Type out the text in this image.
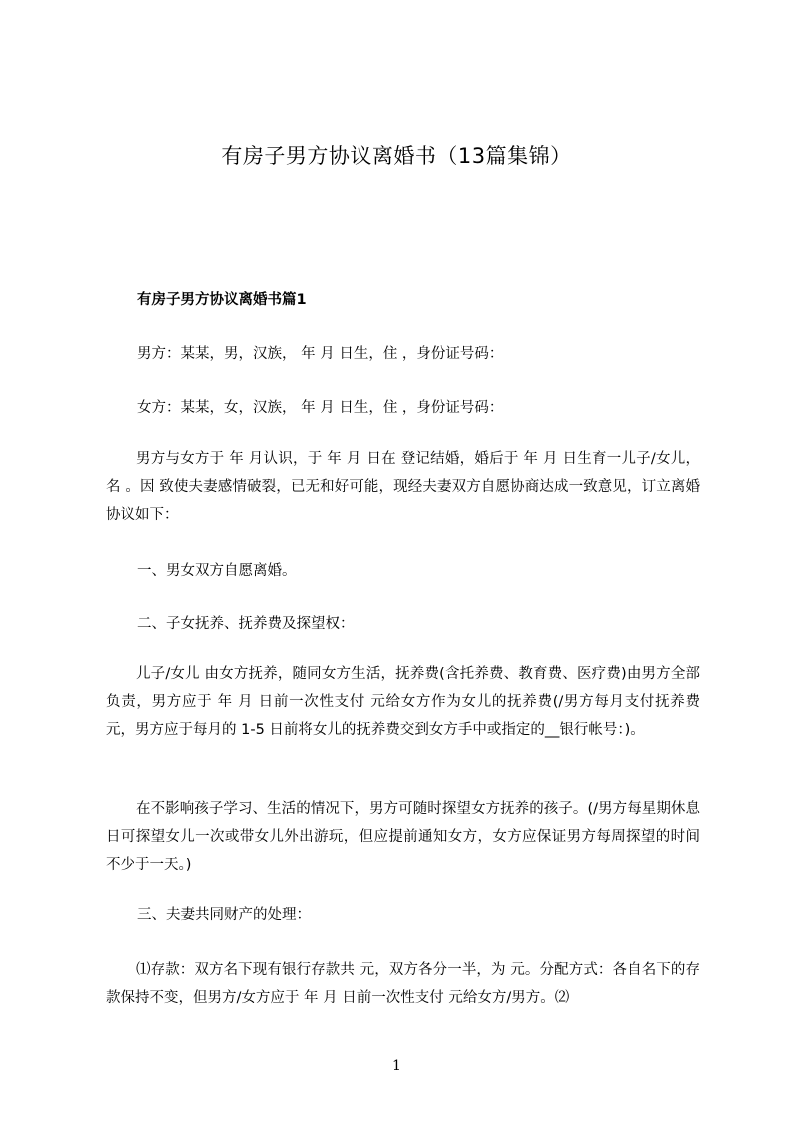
有房子男方协议离婚书（13篇集锦）
有房子男方协议离婚书篇1
男方：某某，男，汉族， 年 月 日生，住 ，身份证号码：
女方：某某，女，汉族， 年 月 日生，住 ，身份证号码：
男方与女方于 年 月认识，于 年 月 日在 登记结婚，婚后于 年 月 日生育一儿子/女儿，名 。因 致使夫妻感情破裂，已无和好可能，现经夫妻双方自愿协商达成一致意见，订立离婚协议如下：
一、男女双方自愿离婚。
二、子女抚养、抚养费及探望权：
儿子/女儿 由女方抚养，随同女方生活，抚养费(含托养费、教育费、医疗费)由男方全部负责，男方应于 年 月 日前一次性支付 元给女方作为女儿的抚养费(/男方每月支付抚养费 元，男方应于每月的 1-5 日前将女儿的抚养费交到女方手中或指定的__银行帐号：)。
在不影响孩子学习、生活的情况下，男方可随时探望女方抚养的孩子。(/男方每星期休息日可探望女儿一次或带女儿外出游玩，但应提前通知女方，女方应保证男方每周探望的时间不少于一天。)
三、夫妻共同财产的处理：
⑴存款：双方名下现有银行存款共 元，双方各分一半，为 元。分配方式：各自名下的存款保持不变，但男方/女方应于 年 月 日前一次性支付 元给女方/男方。⑵
1
